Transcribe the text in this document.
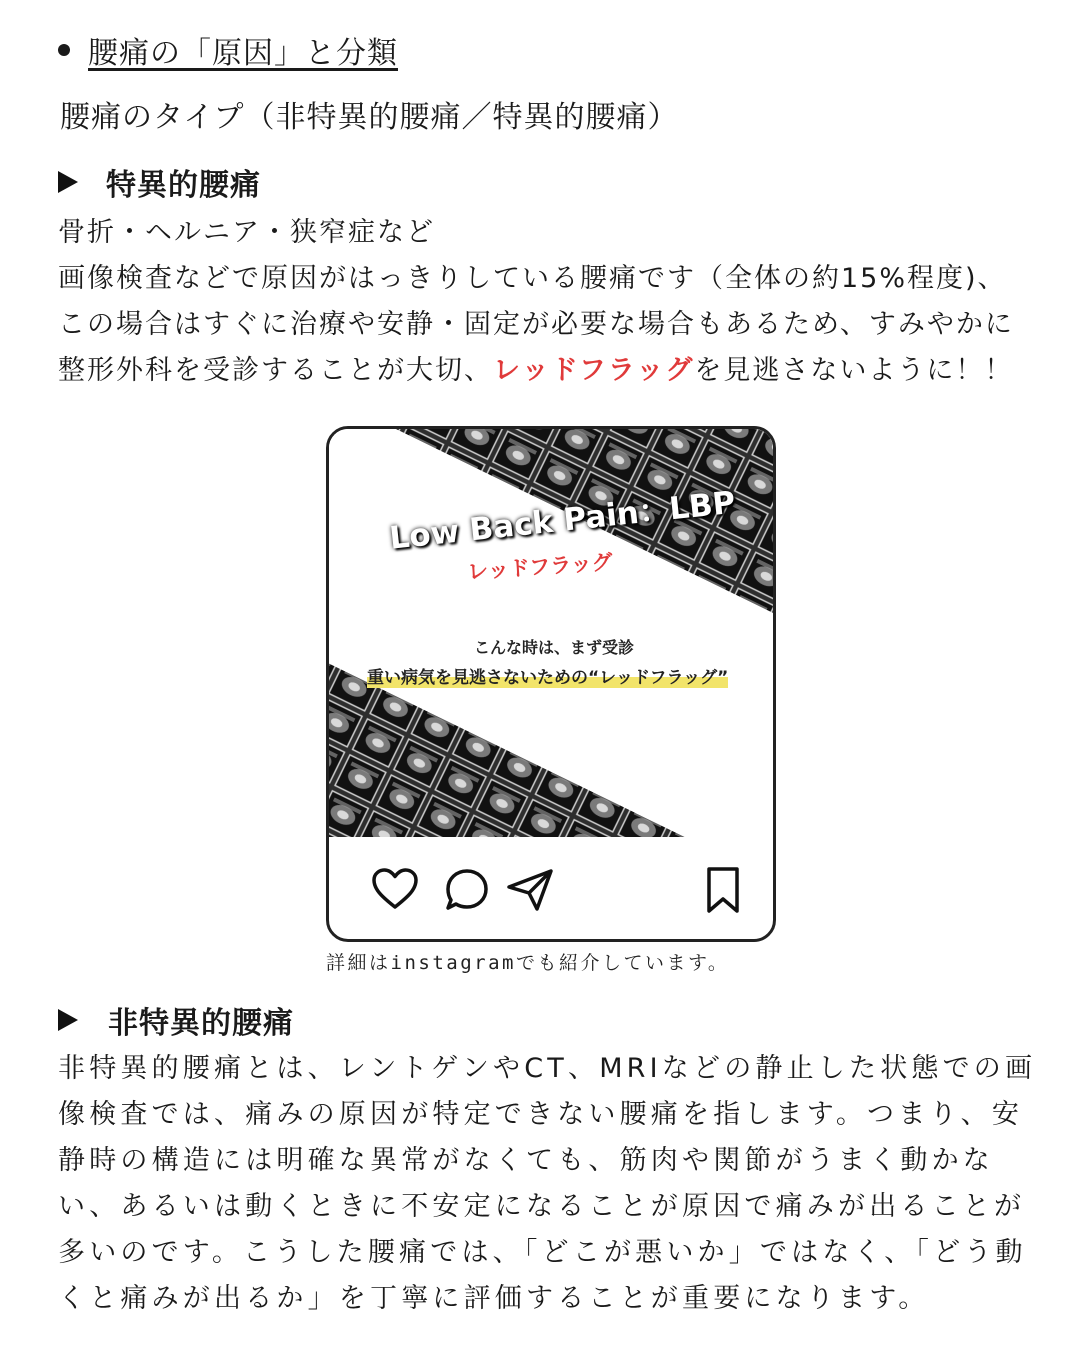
腰痛の「原因」と分類
腰痛のタイプ（非特異的腰痛／特異的腰痛）
特異的腰痛

骨折・ヘルニア・狭窄症など

画像検査などで原因がはっきりしている腰痛です（全体の約15%程度)、

この場合はすぐに治療や安静・固定が必要な場合もあるため、すみやかに

整形外科を受診することが大切、レッドフラッグを見逃さないように！！

Low Back Pain：LBP
レッドフラッグ
こんな時は、まず受診
重い病気を見逃さないための“レッドフラッグ”
詳細はinstagramでも紹介しています。
非特異的腰痛

非特異的腰痛とは、レントゲンやCT、MRIなどの静止した状態での画

像検査では、痛みの原因が特定できない腰痛を指します。つまり、安

静時の構造には明確な異常がなくても、筋肉や関節がうまく動かな

い、あるいは動くときに不安定になることが原因で痛みが出ることが

多いのです。こうした腰痛では、「どこが悪いか」ではなく、「どう動

くと痛みが出るか」を丁寧に評価することが重要になります。
